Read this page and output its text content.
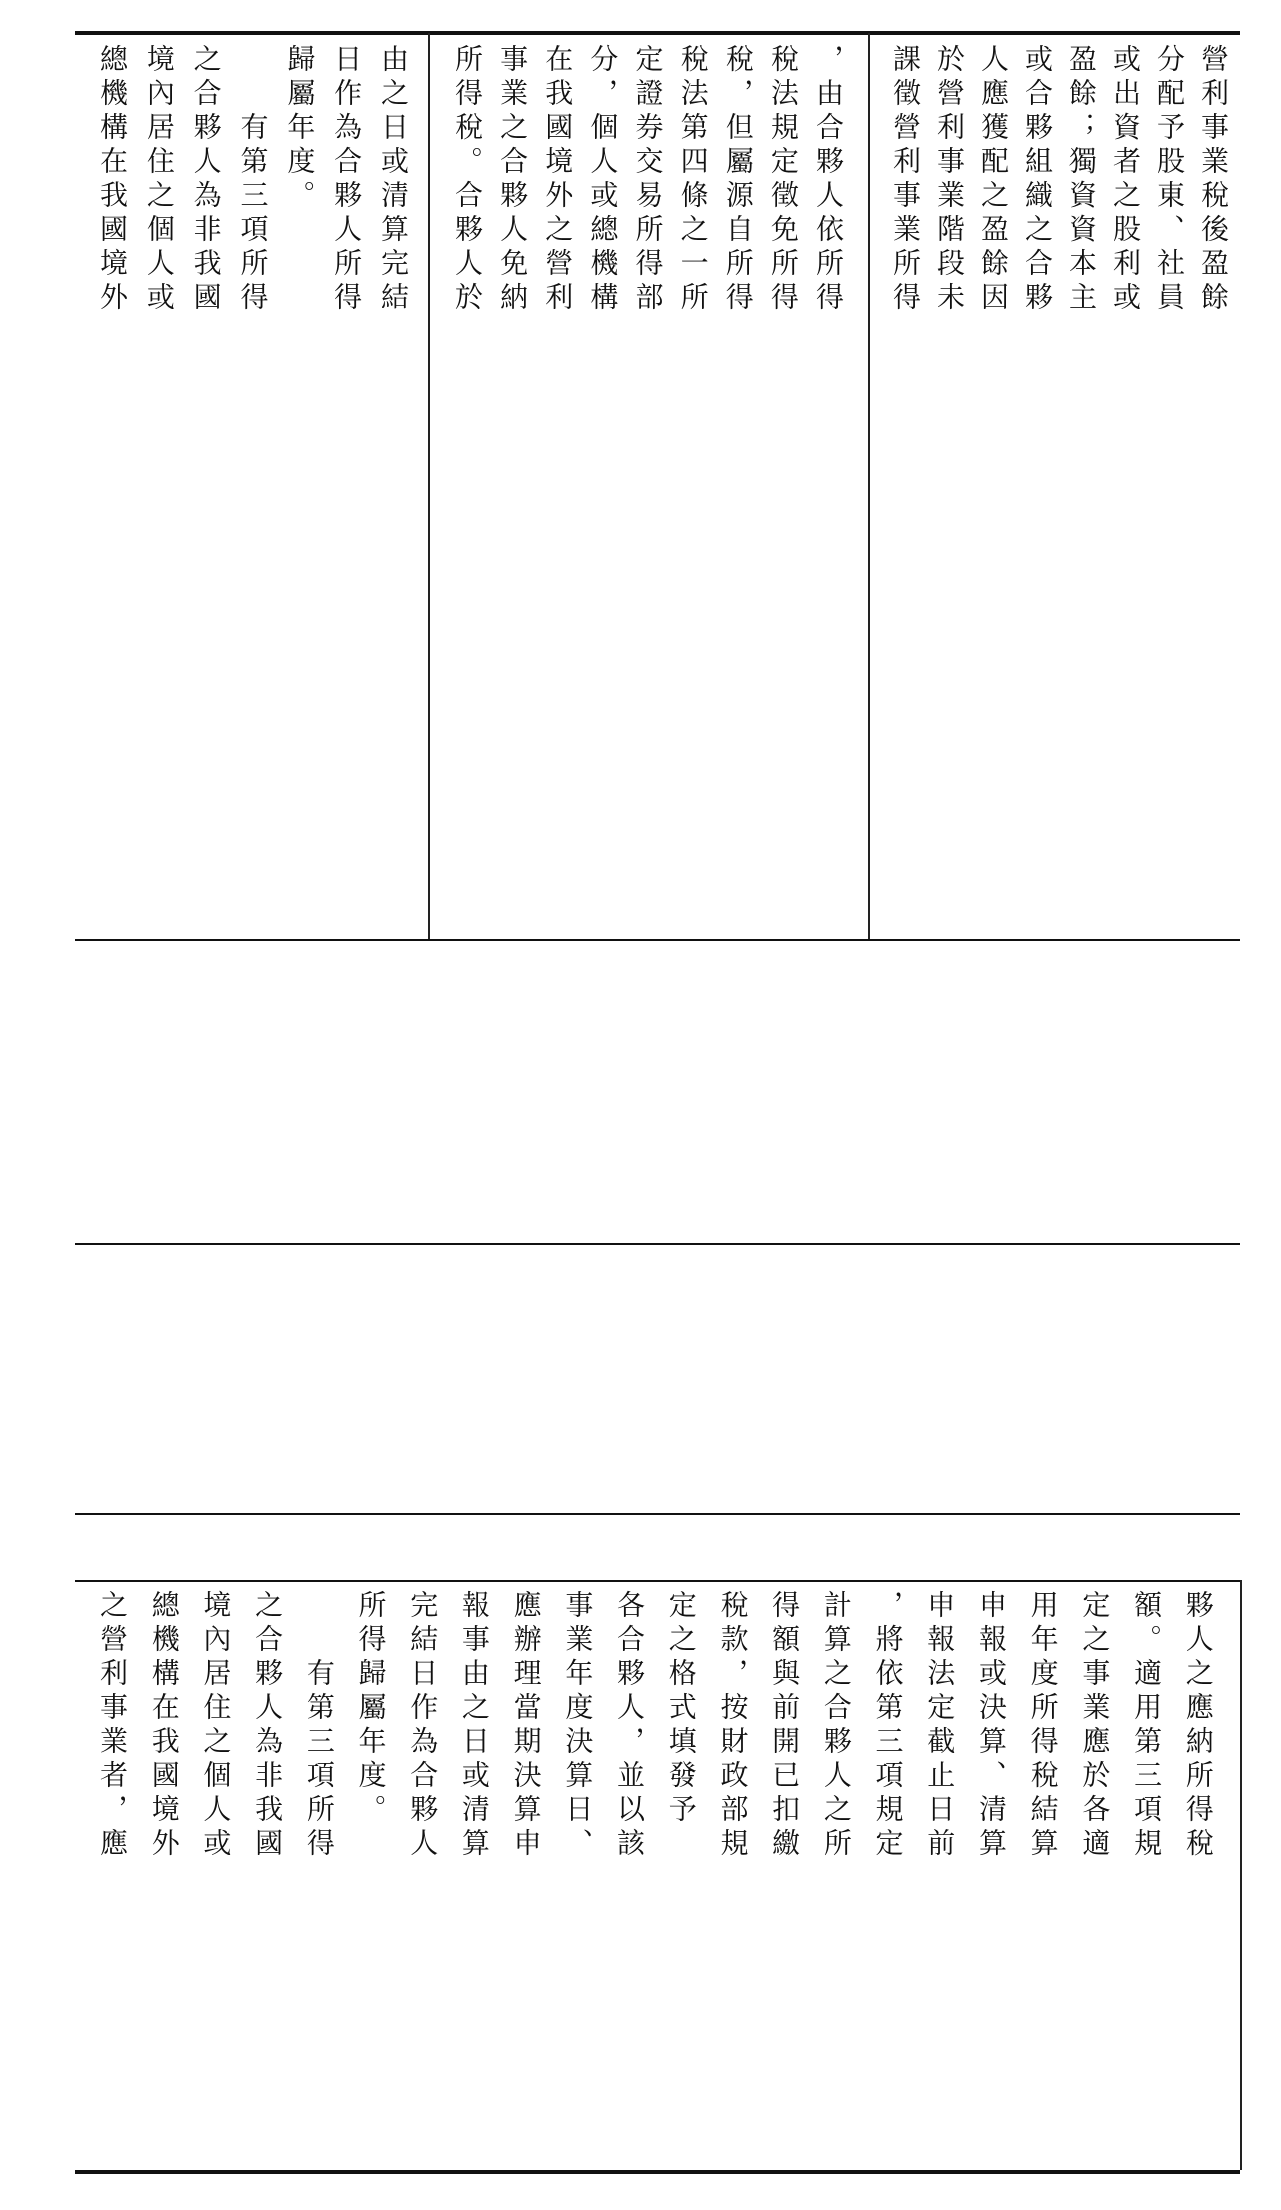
營利事業稅後盈餘
分配予股東、社員
或出資者之股利或
盈餘；獨資資本主
或合夥組織之合夥
人應獲配之盈餘因
於營利事業階段未
課徵營利事業所得
，由合夥人依所得
稅法規定徵免所得
稅，但屬源自所得
稅法第四條之一所
定證券交易所得部
分，個人或總機構
在我國境外之營利
事業之合夥人免納
所得稅。合夥人於
由之日或清算完結
日作為合夥人所得
歸屬年度。
　　有第三項所得
之合夥人為非我國
境內居住之個人或
總機構在我國境外
夥人之應納所得稅
額。適用第三項規
定之事業應於各適
用年度所得稅結算
申報或決算、清算
申報法定截止日前
，將依第三項規定
計算之合夥人之所
得額與前開已扣繳
稅款，按財政部規
定之格式填發予
各合夥人，並以該
事業年度決算日、
應辦理當期決算申
報事由之日或清算
完結日作為合夥人
所得歸屬年度。
　　有第三項所得
之合夥人為非我國
境內居住之個人或
總機構在我國境外
之營利事業者，應
